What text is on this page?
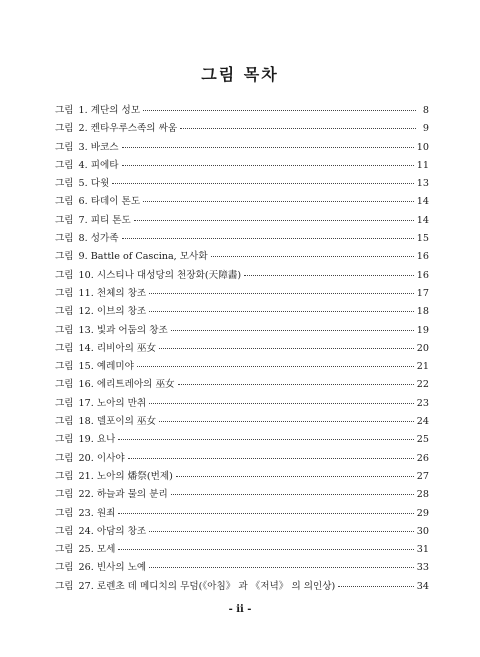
그림 목차
그림 1. 계단의 성모	8
그림 2. 켄타우루스족의 싸움	9
그림 3. 바코스	10
그림 4. 피에타	11
그림 5. 다윗	13
그림 6. 타데이 톤도	14
그림 7. 피티 톤도	14
그림 8. 성가족	15
그림 9. Battle of Cascina, 모사화	16
그림 10. 시스티나 대성당의 천장화(天障畵)	16
그림 11. 천체의 창조	17
그림 12. 이브의 창조	18
그림 13. 빛과 어둠의 창조	19
그림 14. 리비아의 巫女	20
그림 15. 예레미야	21
그림 16. 에리트레아의 巫女	22
그림 17. 노아의 만취	23
그림 18. 델포이의 巫女	24
그림 19. 요나	25
그림 20. 이사야	26
그림 21. 노아의 燔祭(번제)	27
그림 22. 하늘과 물의 분리	28
그림 23. 원죄	29
그림 24. 아담의 창조	30
그림 25. 모세	31
그림 26. 빈사의 노예	33
그림 27. 로렌초 데 메디치의 무덤(《아침》 과 《저녁》 의 의인상)	34
- ii -
